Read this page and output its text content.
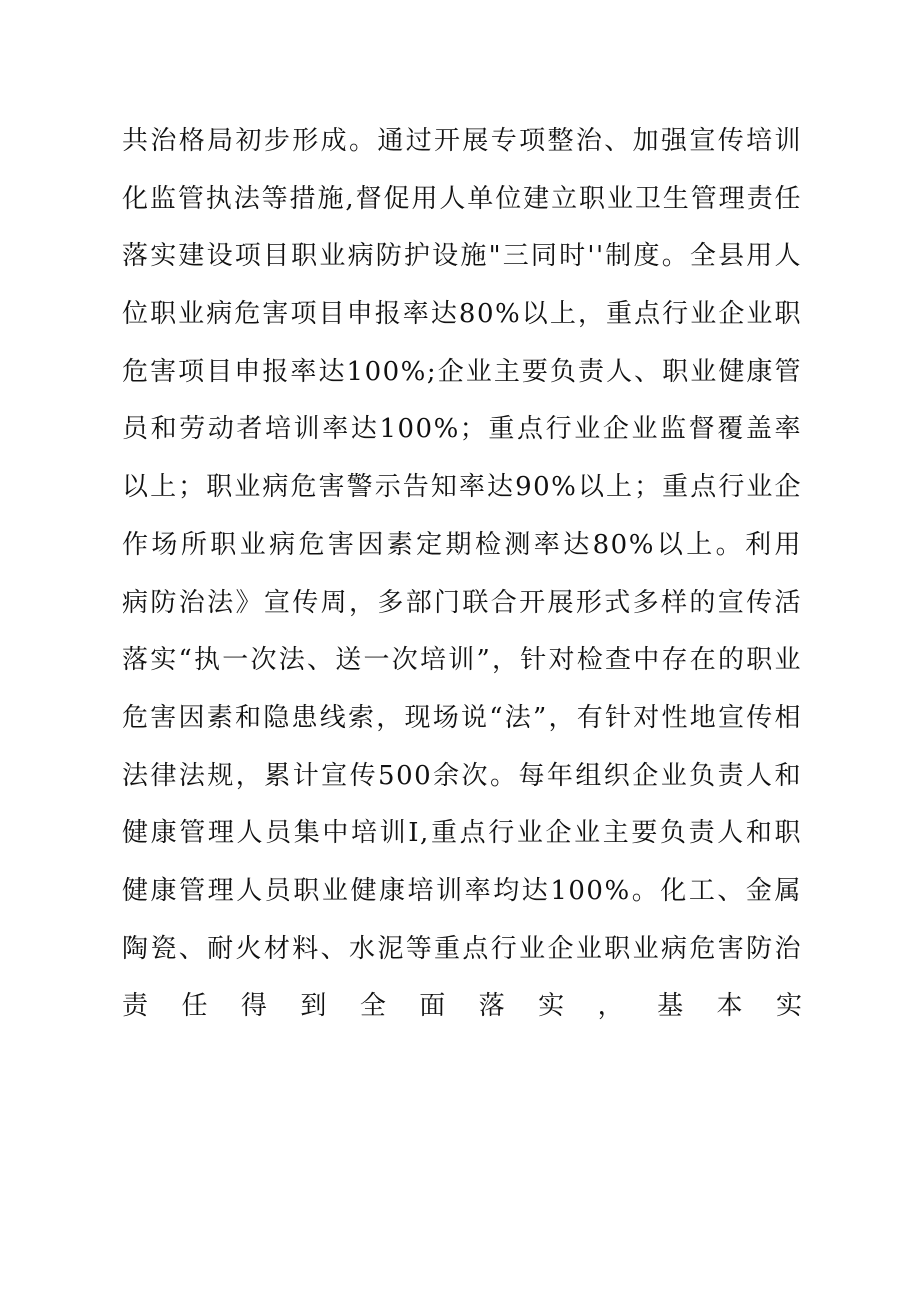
共治格局初步形成。通过开展专项整治、加强宣传培训
化监管执法等措施,督促用人单位建立职业卫生管理责任
落实建设项目职业病防护设施"三同时''制度。全县用人
位职业病危害项目申报率达80%以上，重点行业企业职
危害项目申报率达100%;企业主要负责人、职业健康管
员和劳动者培训率达100%；重点行业企业监督覆盖率
以上；职业病危害警示告知率达90%以上；重点行业企
作场所职业病危害因素定期检测率达80%以上。利用
病防治法》宣传周，多部门联合开展形式多样的宣传活
落实“执一次法、送一次培训”，针对检查中存在的职业
危害因素和隐患线索，现场说“法”，有针对性地宣传相
法律法规，累计宣传500余次。每年组织企业负责人和
健康管理人员集中培训I,重点行业企业主要负责人和职
健康管理人员职业健康培训率均达100%。化工、金属
陶瓷、耐火材料、水泥等重点行业企业职业病危害防治
责 任 得 到 全 面 落 实 ， 基 本 实
